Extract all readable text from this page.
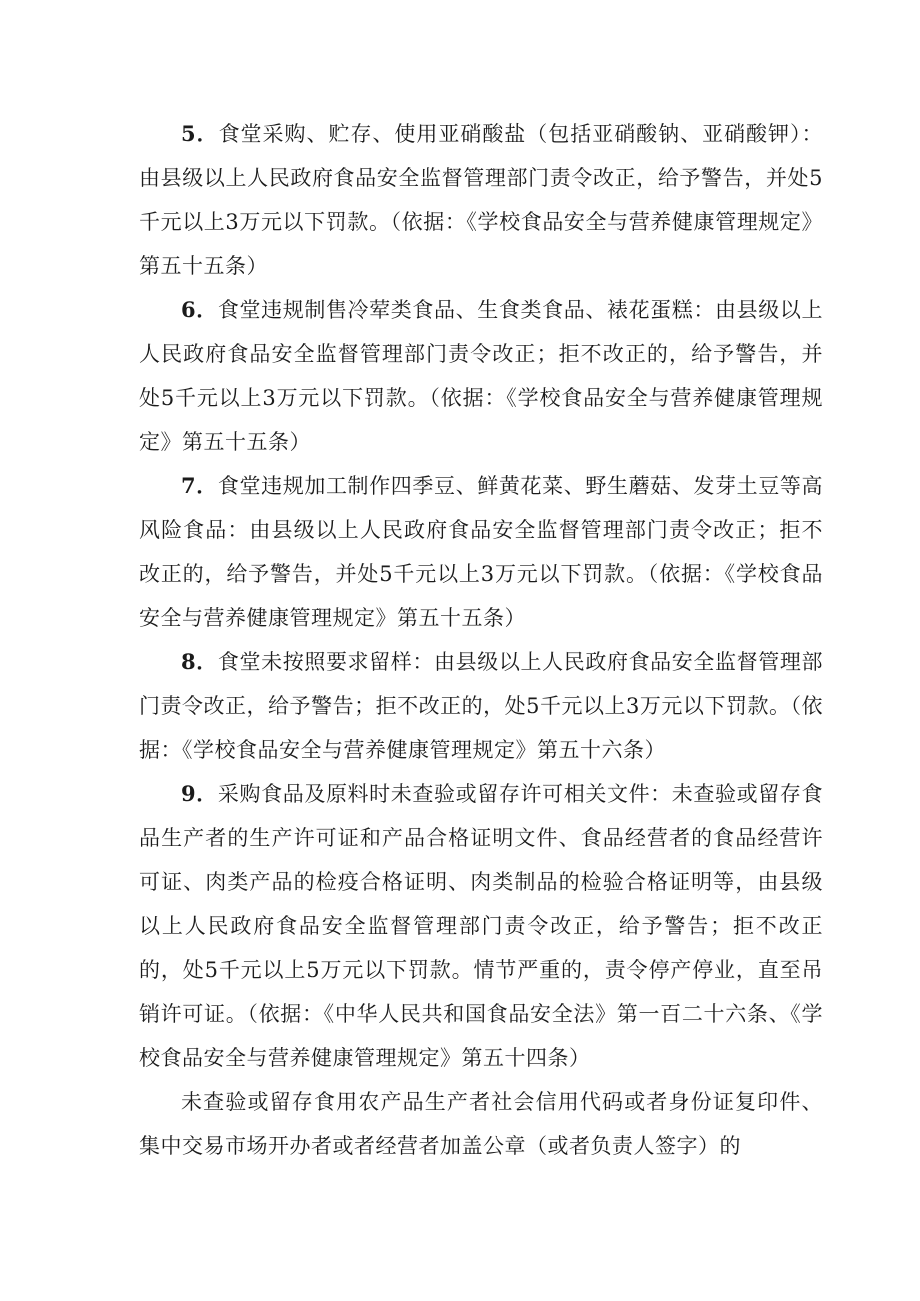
5．食堂采购、贮存、使用亚硝酸盐（包括亚硝酸钠、亚硝酸钾）：由县级以上人民政府食品安全监督管理部门责令改正，给予警告，并处5千元以上3万元以下罚款。（依据：《学校食品安全与营养健康管理规定》第五十五条）

6．食堂违规制售冷荤类食品、生食类食品、裱花蛋糕：由县级以上人民政府食品安全监督管理部门责令改正；拒不改正的，给予警告，并处5千元以上3万元以下罚款。（依据：《学校食品安全与营养健康管理规定》第五十五条）

7．食堂违规加工制作四季豆、鲜黄花菜、野生蘑菇、发芽土豆等高风险食品：由县级以上人民政府食品安全监督管理部门责令改正；拒不改正的，给予警告，并处5千元以上3万元以下罚款。（依据：《学校食品安全与营养健康管理规定》第五十五条）

8．食堂未按照要求留样：由县级以上人民政府食品安全监督管理部门责令改正，给予警告；拒不改正的，处5千元以上3万元以下罚款。（依据：《学校食品安全与营养健康管理规定》第五十六条）

9．采购食品及原料时未查验或留存许可相关文件：未查验或留存食品生产者的生产许可证和产品合格证明文件、食品经营者的食品经营许可证、肉类产品的检疫合格证明、肉类制品的检验合格证明等，由县级以上人民政府食品安全监督管理部门责令改正，给予警告；拒不改正的，处5千元以上5万元以下罚款。情节严重的，责令停产停业，直至吊销许可证。（依据：《中华人民共和国食品安全法》第一百二十六条、《学校食品安全与营养健康管理规定》第五十四条）

未查验或留存食用农产品生产者社会信用代码或者身份证复印件、集中交易市场开办者或者经营者加盖公章（或者负责人签字）的
